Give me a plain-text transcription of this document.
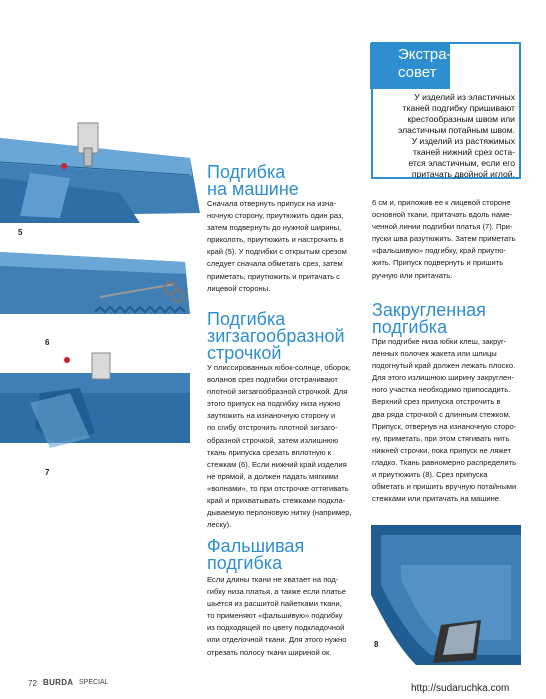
5
6
7
8
Экстра-
совет
У изделий из эластичных
тканей подгибку пришивают
крестообразным швом или
эластичным потайным швом.
У изделий из растяжимых
тканей нижний срез оста-
ется эластичным, если его
притачать двойной иглой.
Подгибка
на машине
Сначала отвернуть припуск на изна-
ночную сторону, приутюжить один раз,
затем подвернуть до нужной ширины,
приколоть, приутюжить и настрочить в
край (5). У подгибки с открытым срезом
следует сначала обметать срез, затем
приметать, приутюжить и притачать с
лицевой стороны.
Подгибка
зигзагообразной
строчкой
У плиссированных юбок-солнце, оборок,
воланов срез подгибки отстрачивают
плотной зигзагообразной строчкой. Для
этого припуск на подгибку низа нужно
заутюжить на изнаночную сторону и
по сгибу отстрочить плотной зигзаго-
образной строчкой, затем излишнюю
ткань припуска срезать вплотную к
стежкам (6). Если нижний край изделия
не прямой, а должен падать мягкими
«волнами», то при отстрочке оттягивать
край и прихватывать стежками подкла-
дываемую перлоновую нитку (например,
леску).
Фальшивая
подгибка
Если длины ткани не хватает на под-
гибку низа платья, а также если платье
шьется из расшитой пайетками ткани,
то применяют «фальшивую» подгибку
из подходящей по цвету подкладочной
или отделочной ткани. Для этого нужно
отрезать полосу ткани шириной ок.
6 см и, приложив ее к лицевой стороне
основной ткани, притачать вдоль наме-
ченной линии подгибки платья (7). При-
пуски шва разутюжить. Затем приметать
«фальшивую» подгибку, край приутю-
жить. Припуск подвернуть и пришить
ручную или притачать.
Закругленная
подгибка
При подгибке низа юбки клеш, закруг-
ленных полочек жакета или шлицы
подогнутый край должен лежать плоско.
Для этого излишнюю ширину закруглен-
ного участка необходимо припосадить.
Верхний срез припуска отстрочить в
два ряда строчкой с длинным стежком.
Припуск, отвернув на изнаночную сторо-
ну, приметать, при этом стягивать нить
нижней строчки, пока припуск не ляжет
гладко. Ткань равномерно распределить
и приутюжить (8). Срез припуска
обметать и пришить вручную потайными
стежками или притачать на машине.
72 BURDA SPECIAL
http://sudaruchka.com
